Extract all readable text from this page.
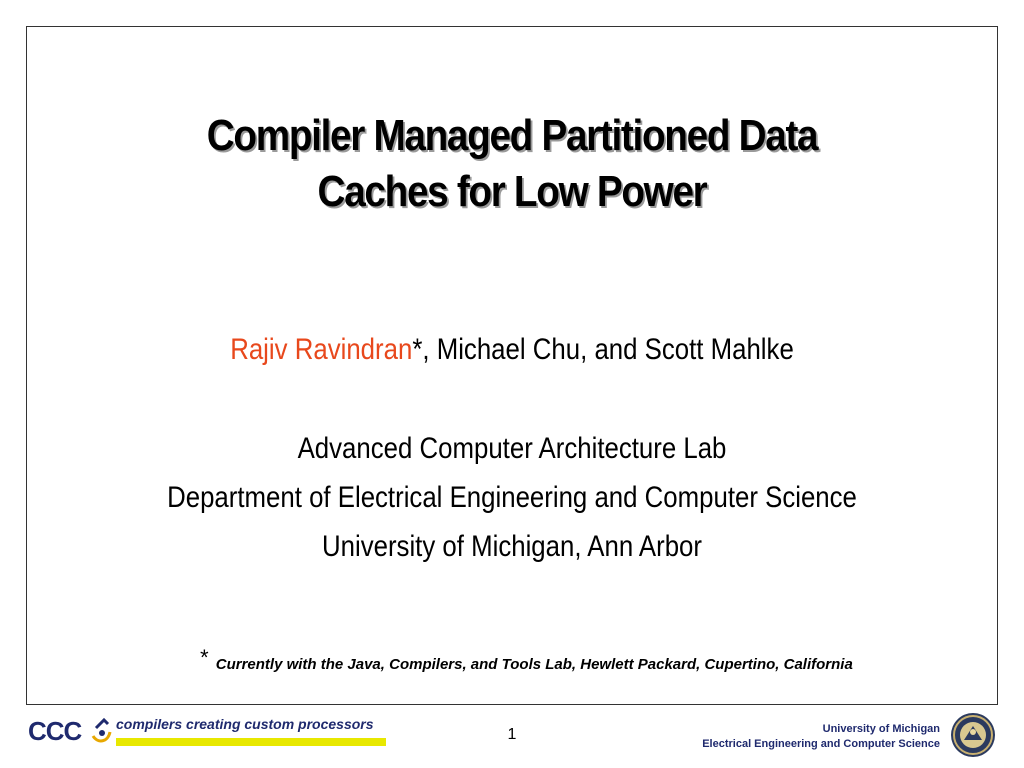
Compiler Managed Partitioned Data
Caches for Low Power
Rajiv Ravindran*, Michael Chu, and Scott Mahlke
Advanced Computer Architecture Lab
Department of Electrical Engineering and Computer Science
University of Michigan, Ann Arbor
* Currently with the Java, Compilers, and Tools Lab, Hewlett Packard, Cupertino, California
CCC compilers creating custom processors
1	University of Michigan
Electrical Engineering and Computer Science
